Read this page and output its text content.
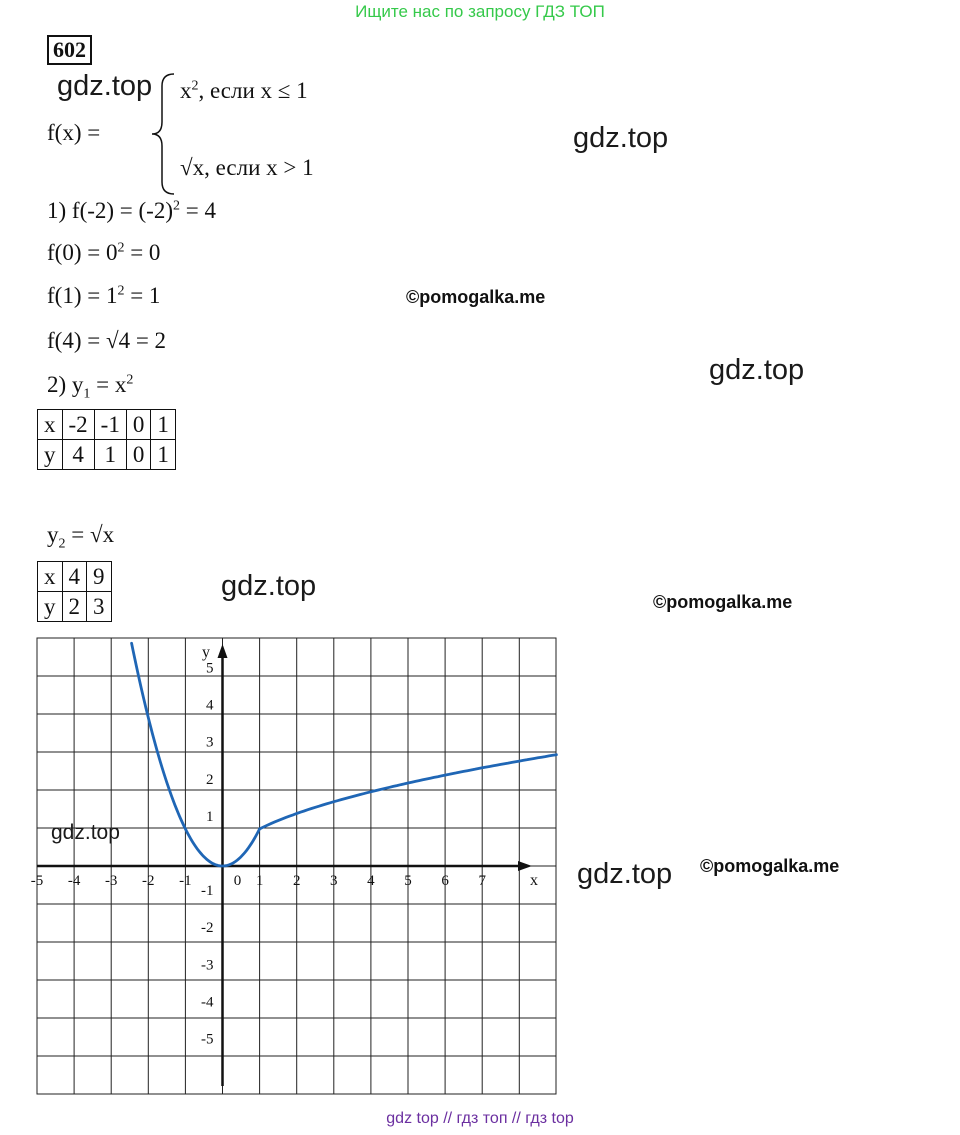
Ищите нас по запросу ГДЗ ТОП
602
f(x) =
$x^2$, если x ≤ 1
√x, если x > 1
1) $f(-2) = (-2)^2 = 4$
$f(0) = 0^2 = 0$
$f(1) = 1^2 = 1$
f(4) = √4 = 2
2) $y_1 = x^2$
x	-2	-1	0	1
y	4	1	0	1
$y_2 = √x$
x	4	9
y	2	3
-5 -4 -3 -2 -1	0 1 2 3 4 5 6 7
5
4
3
2
1
-1
-2
-3
-4
-5
x
y
gdz.top
gdz.top
©pomogalka.me
gdz.top
gdz.top	©pomogalka.me
gdz.top
gdz.top ©pomogalka.me
gdz top // гдз топ // гдз top
